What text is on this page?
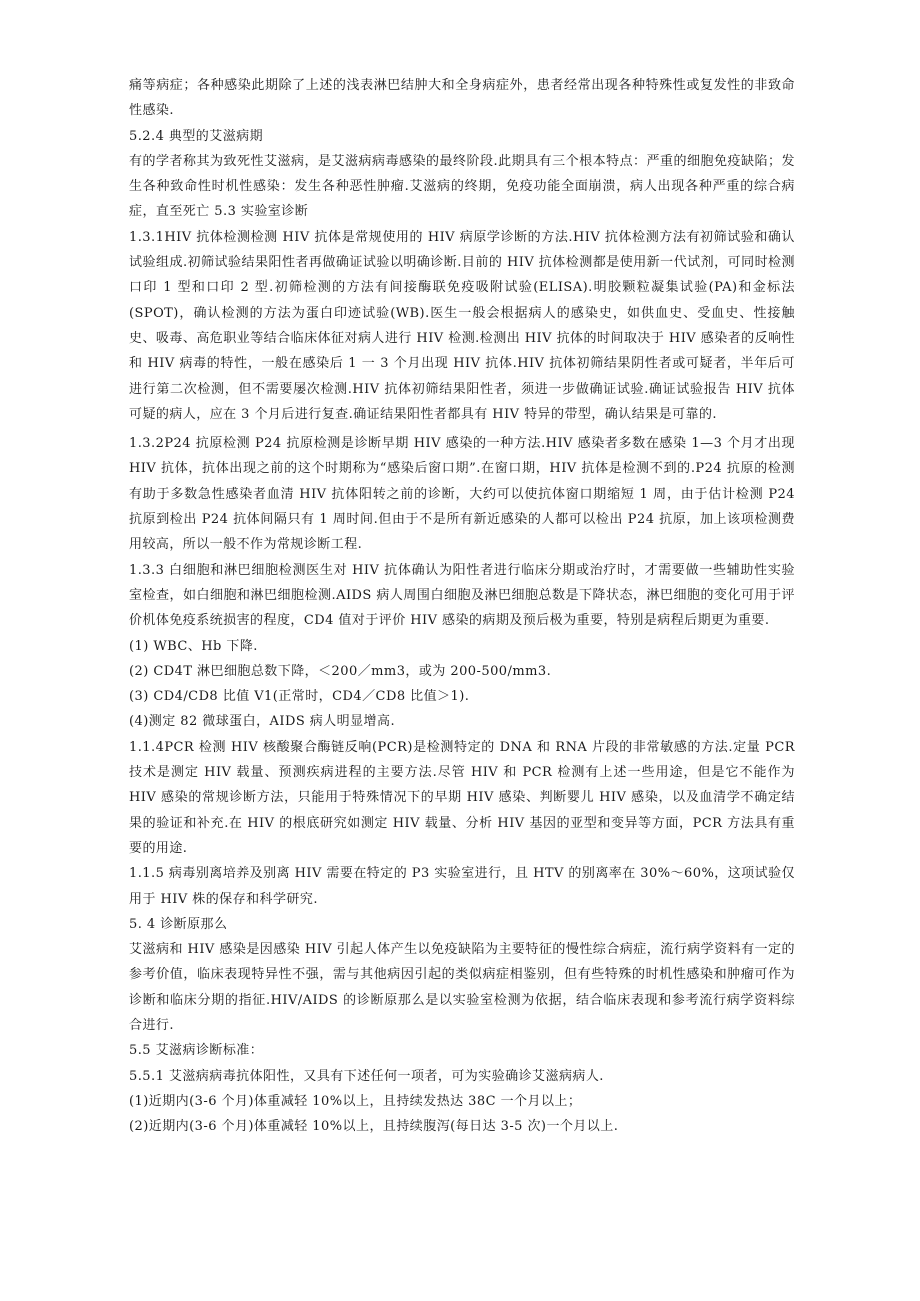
痛等病症；各种感染此期除了上述的浅表淋巴结肿大和全身病症外，患者经常出现各种特殊性或复发性的非致命性感染.

5.2.4 典型的艾滋病期

有的学者称其为致死性艾滋病，是艾滋病病毒感染的最终阶段.此期具有三个根本特点：严重的细胞免疫缺陷；发生各种致命性时机性感染：发生各种恶性肿瘤.艾滋病的终期，免疫功能全面崩溃，病人出现各种严重的综合病症，直至死亡 5.3 实验室诊断

1.3.1HIV 抗体检测检测 HIV 抗体是常规使用的 HIV 病原学诊断的方法.HIV 抗体检测方法有初筛试验和确认试验组成.初筛试验结果阳性者再做确证试验以明确诊断.目前的 HIV 抗体检测都是使用新一代试剂，可同时检测口印 1 型和口印 2 型.初筛检测的方法有间接酶联免疫吸附试验(ELISA).明胶颗粒凝集试验(PA)和金标法(SPOT)，确认检测的方法为蛋白印迹试验(WB).医生一般会根据病人的感染史，如供血史、受血史、性接触史、吸毒、高危职业等结合临床体征对病人进行 HIV 检测.检测出 HIV 抗体的时间取决于 HIV 感染者的反响性和 HIV 病毒的特性，一般在感染后 1 一 3 个月出现 HIV 抗体.HIV 抗体初筛结果阴性者或可疑者，半年后可进行第二次检测，但不需要屡次检测.HIV 抗体初筛结果阳性者，须进一步做确证试验.确证试验报告 HIV 抗体可疑的病人，应在 3 个月后进行复查.确证结果阳性者都具有 HIV 特异的带型，确认结果是可靠的.

1.3.2P24 抗原检测 P24 抗原检测是诊断早期 HIV 感染的一种方法.HIV 感染者多数在感染 1—3 个月才出现 HIV 抗体，抗体出现之前的这个时期称为“感染后窗口期”.在窗口期，HIV 抗体是检测不到的.P24 抗原的检测有助于多数急性感染者血清 HIV 抗体阳转之前的诊断，大约可以使抗体窗口期缩短 1 周，由于估计检测 P24 抗原到检出 P24 抗体间隔只有 1 周时间.但由于不是所有新近感染的人都可以检出 P24 抗原，加上该项检测费用较高，所以一般不作为常规诊断工程.

1.3.3 白细胞和淋巴细胞检测医生对 HIV 抗体确认为阳性者进行临床分期或治疗时，才需要做一些辅助性实验室检查，如白细胞和淋巴细胞检测.AIDS 病人周围白细胞及淋巴细胞总数是下降状态，淋巴细胞的变化可用于评价机体免疫系统损害的程度，CD4 值对于评价 HIV 感染的病期及预后极为重要，特别是病程后期更为重要.

(1) WBC、Hb 下降.

(2) CD4T 淋巴细胞总数下降，＜200／mm3，或为 200-500/mm3.

(3) CD4/CD8 比值 V1(正常时，CD4／CD8 比值＞1).

(4)测定 82 微球蛋白，AIDS 病人明显增高.

1.1.4PCR 检测 HIV 核酸聚合酶链反响(PCR)是检测特定的 DNA 和 RNA 片段的非常敏感的方法.定量 PCR 技术是测定 HIV 载量、预测疾病进程的主要方法.尽管 HIV 和 PCR 检测有上述一些用途，但是它不能作为 HIV 感染的常规诊断方法，只能用于特殊情况下的早期 HIV 感染、判断婴儿 HIV 感染，以及血清学不确定结果的验证和补充.在 HIV 的根底研究如测定 HIV 载量、分析 HIV 基因的亚型和变异等方面，PCR 方法具有重要的用途.

1.1.5 病毒别离培养及别离 HIV 需要在特定的 P3 实验室进行，且 HTV 的别离率在 30%～60%，这项试验仅用于 HIV 株的保存和科学研究.

5. 4 诊断原那么

艾滋病和 HIV 感染是因感染 HIV 引起人体产生以免疫缺陷为主要特征的慢性综合病症，流行病学资料有一定的参考价值，临床表现特异性不强，需与其他病因引起的类似病症相鉴别，但有些特殊的时机性感染和肿瘤可作为诊断和临床分期的指征.HIV/AIDS 的诊断原那么是以实验室检测为依据，结合临床表现和参考流行病学资料综合进行.

5.5 艾滋病诊断标准：

5.5.1 艾滋病病毒抗体阳性，又具有下述任何一项者，可为实验确诊艾滋病病人.

(1)近期内(3-6 个月)体重减轻 10%以上，且持续发热达 38C 一个月以上；

(2)近期内(3-6 个月)体重减轻 10%以上，且持续腹泻(每日达 3-5 次)一个月以上.
